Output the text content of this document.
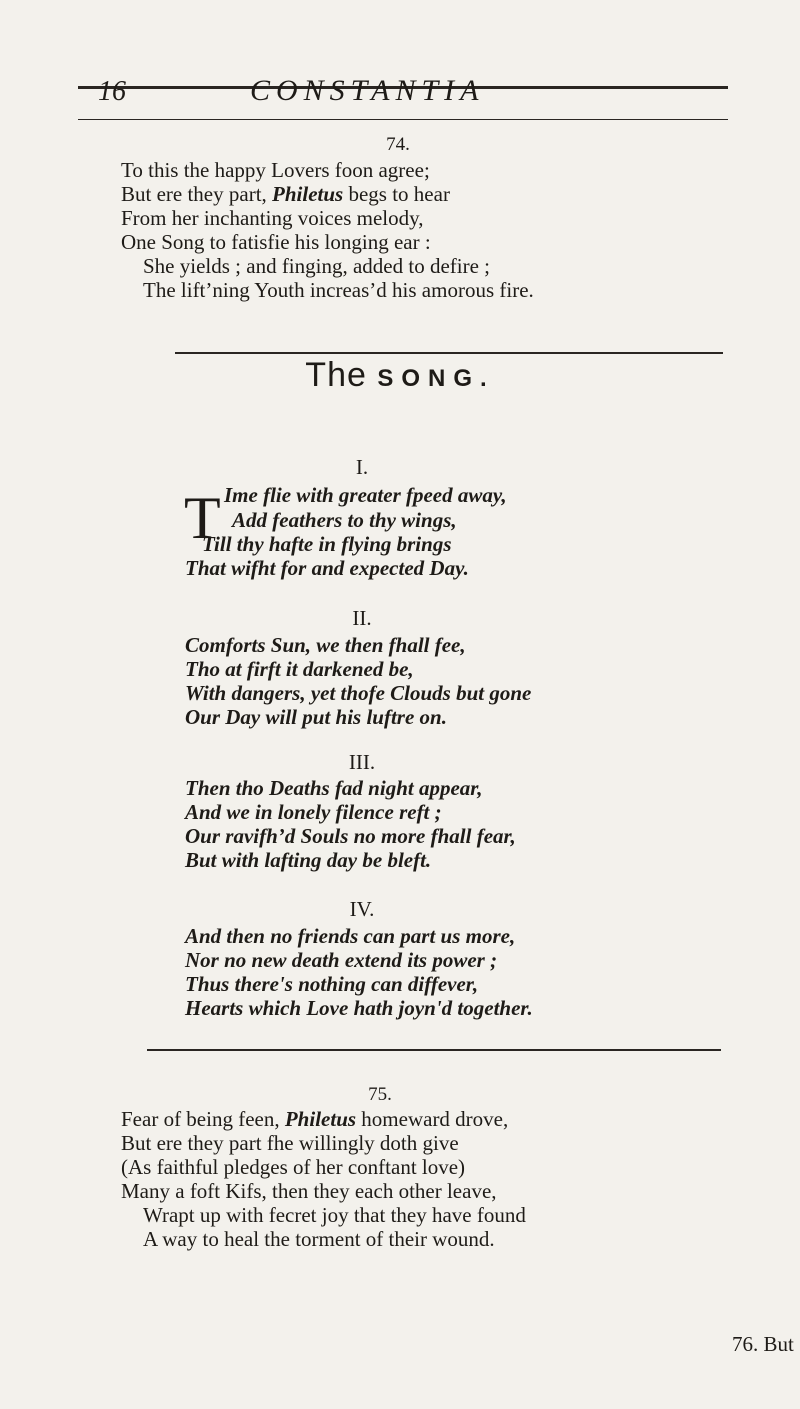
16	CONSTANTIA
74.
To this the happy Lovers foon agree;
But ere they part, Philetus begs to hear
From her inchanting voices melody,
One Song to fatisfie his longing ear :
She yields ; and finging, added to defire ;
The lift’ning Youth increas’d his amorous fire.
The SONG.
I.
T Ime flie with greater fpeed away,
Add feathers to thy wings,
Till thy hafte in flying brings
That wifht for and expected Day.
II.
Comforts Sun, we then fhall fee,
Tho at firft it darkened be,
With dangers, yet thofe Clouds but gone
Our Day will put his luftre on.
III.
Then tho Deaths fad night appear,
And we in lonely filence reft ;
Our ravifh’d Souls no more fhall fear,
But with lafting day be bleft.
IV.
And then no friends can part us more,
Nor no new death extend its power ;
Thus there's nothing can diffever,
Hearts which Love hath joyn'd together.
75.
Fear of being feen, Philetus homeward drove,
But ere they part fhe willingly doth give
(As faithful pledges of her conftant love)
Many a foft Kifs, then they each other leave,
Wrapt up with fecret joy that they have found
A way to heal the torment of their wound.
76. But
